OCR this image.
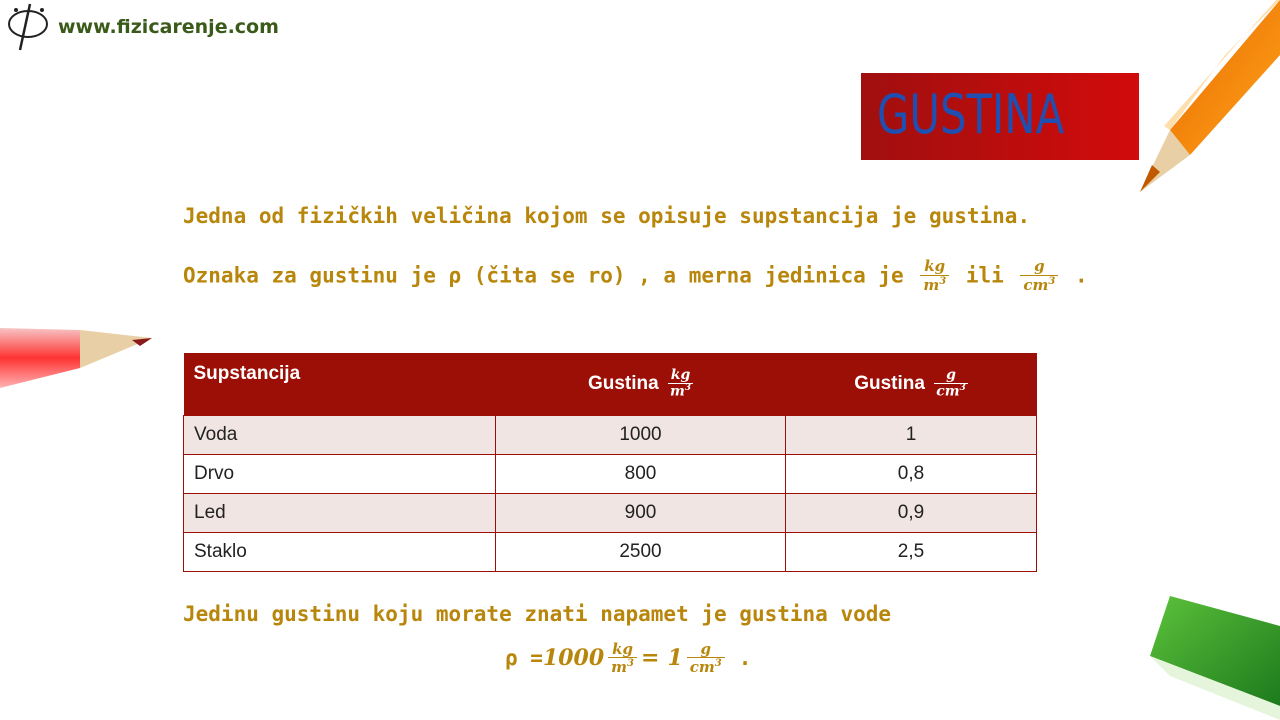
www.fizicarenje.com
GUSTINA
Jedna od fizičkih veličina kojom se opisuje supstancija je gustina.
Oznaka za gustinu je ρ (čita se ro) , a merna jedinica je $\frac{kg}{m^3}$ ili $\frac{g}{cm^3}$ .
Supstancija	Gustina $\frac{kg}{m^3}$	Gustina $\frac{g}{cm^3}$

Voda	1000	1
Drvo	800	0,8
Led	900	0,9
Staklo	2500	2,5
Jedinu gustinu koju morate znati napamet je gustina vode
$\rho = 1000 \frac{kg}{m^3} = 1 \frac{g}{cm^3}$ .
